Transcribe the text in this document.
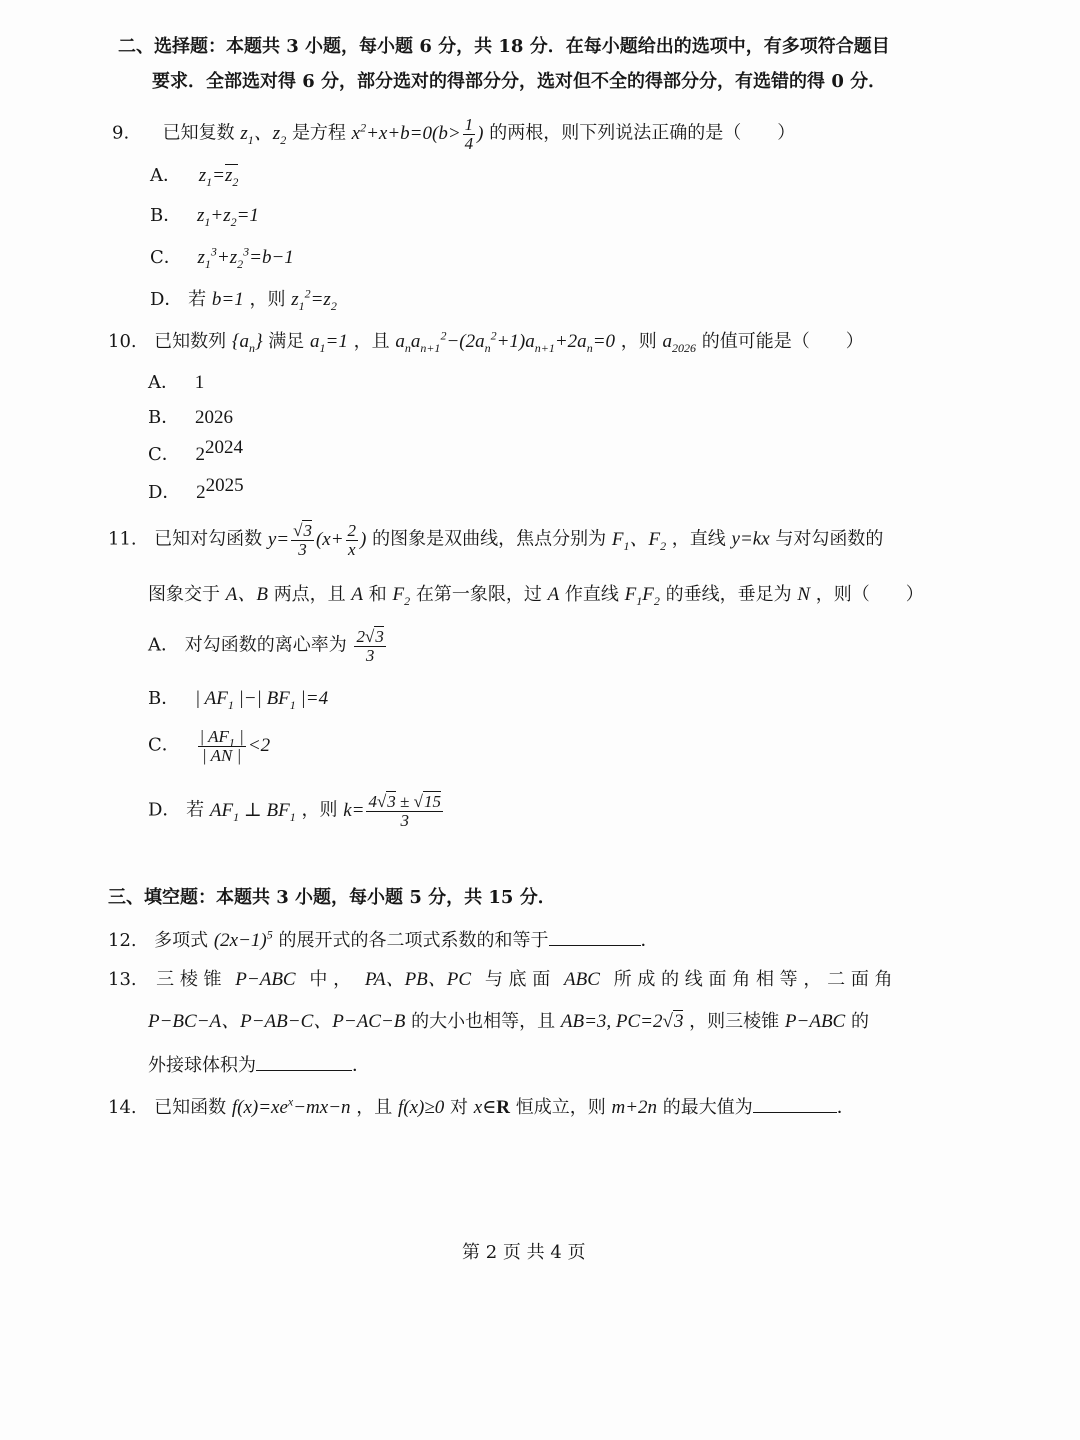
二、选择题：本题共 3 小题，每小题 6 分，共 18 分．在每小题给出的选项中，有多项符合题目
要求．全部选对得 6 分，部分选对的得部分分，选对但不全的得部分分，有选错的得 0 分．
9. 已知复数 $z_1$、$z_2$ 是方程 $x^2+x+b=0(b> \frac{1}{4}$ ) 的两根，则下列说法正确的是（　　）
A． $z_1=z_2$
B． $z_1+z_2=1$
C． $z_1^3+z_2^3=b-1$
D． 若 b=1 ，则 $z_1^2=z_2$
10. 已知数列 $\{a_n\}$ 满足 $a_1=1$ ，且 $a_na_{n+1}^2-(2a_n^2+1)a_{n+1}+2a_n=0$ ，则 $a_{2026}$ 的值可能是（　　）
A． 1
B． 2026
C． $2^{2024}$
D． $2^{2025}$
11. 已知对勾函数 $y= \frac{√3}{3} (x+ \frac{2}{x}$ ) 的图象是双曲线，焦点分别为 $F_1$、$F_2$ ，直线 y=kx 与对勾函数的
图象交于 A、B 两点，且 A 和 $F_2$ 在第一象限，过 A 作直线 $F_1F_2$ 的垂线，垂足为 N ，则（　　）
A． 对勾函数的离心率为 $\frac{2√3}{3}$
B． | $AF_1$ |−| $BF_1$ |=4
C． $\frac{| AF_1 |}{| AN |} <2$
D． 若 $AF_1$ ⊥ $BF_1$ ，则 $k= \frac{4√3 \pm √15}{3}$
三、填空题：本题共 3 小题，每小题 5 分，共 15 分．
12. 多项式 $(2x-1)^5$ 的展开式的各二项式系数的和等于	．
13. 三 棱 锥 P−ABC 中 ， PA、PB、PC 与 底 面 ABC 所 成 的 线 面 角 相 等 ， 二 面 角
P−BC−A、P−AB−C、P−AC−B 的大小也相等，且 AB=3, PC=2√3 ，则三棱锥 P−ABC 的
外接球体积为	．
14. 已知函数 $f(x)=xe^x-mx-n$ ，且 f(x)≥0 对 x∈R 恒成立，则 m+2n 的最大值为	．
第 2 页 共 4 页
